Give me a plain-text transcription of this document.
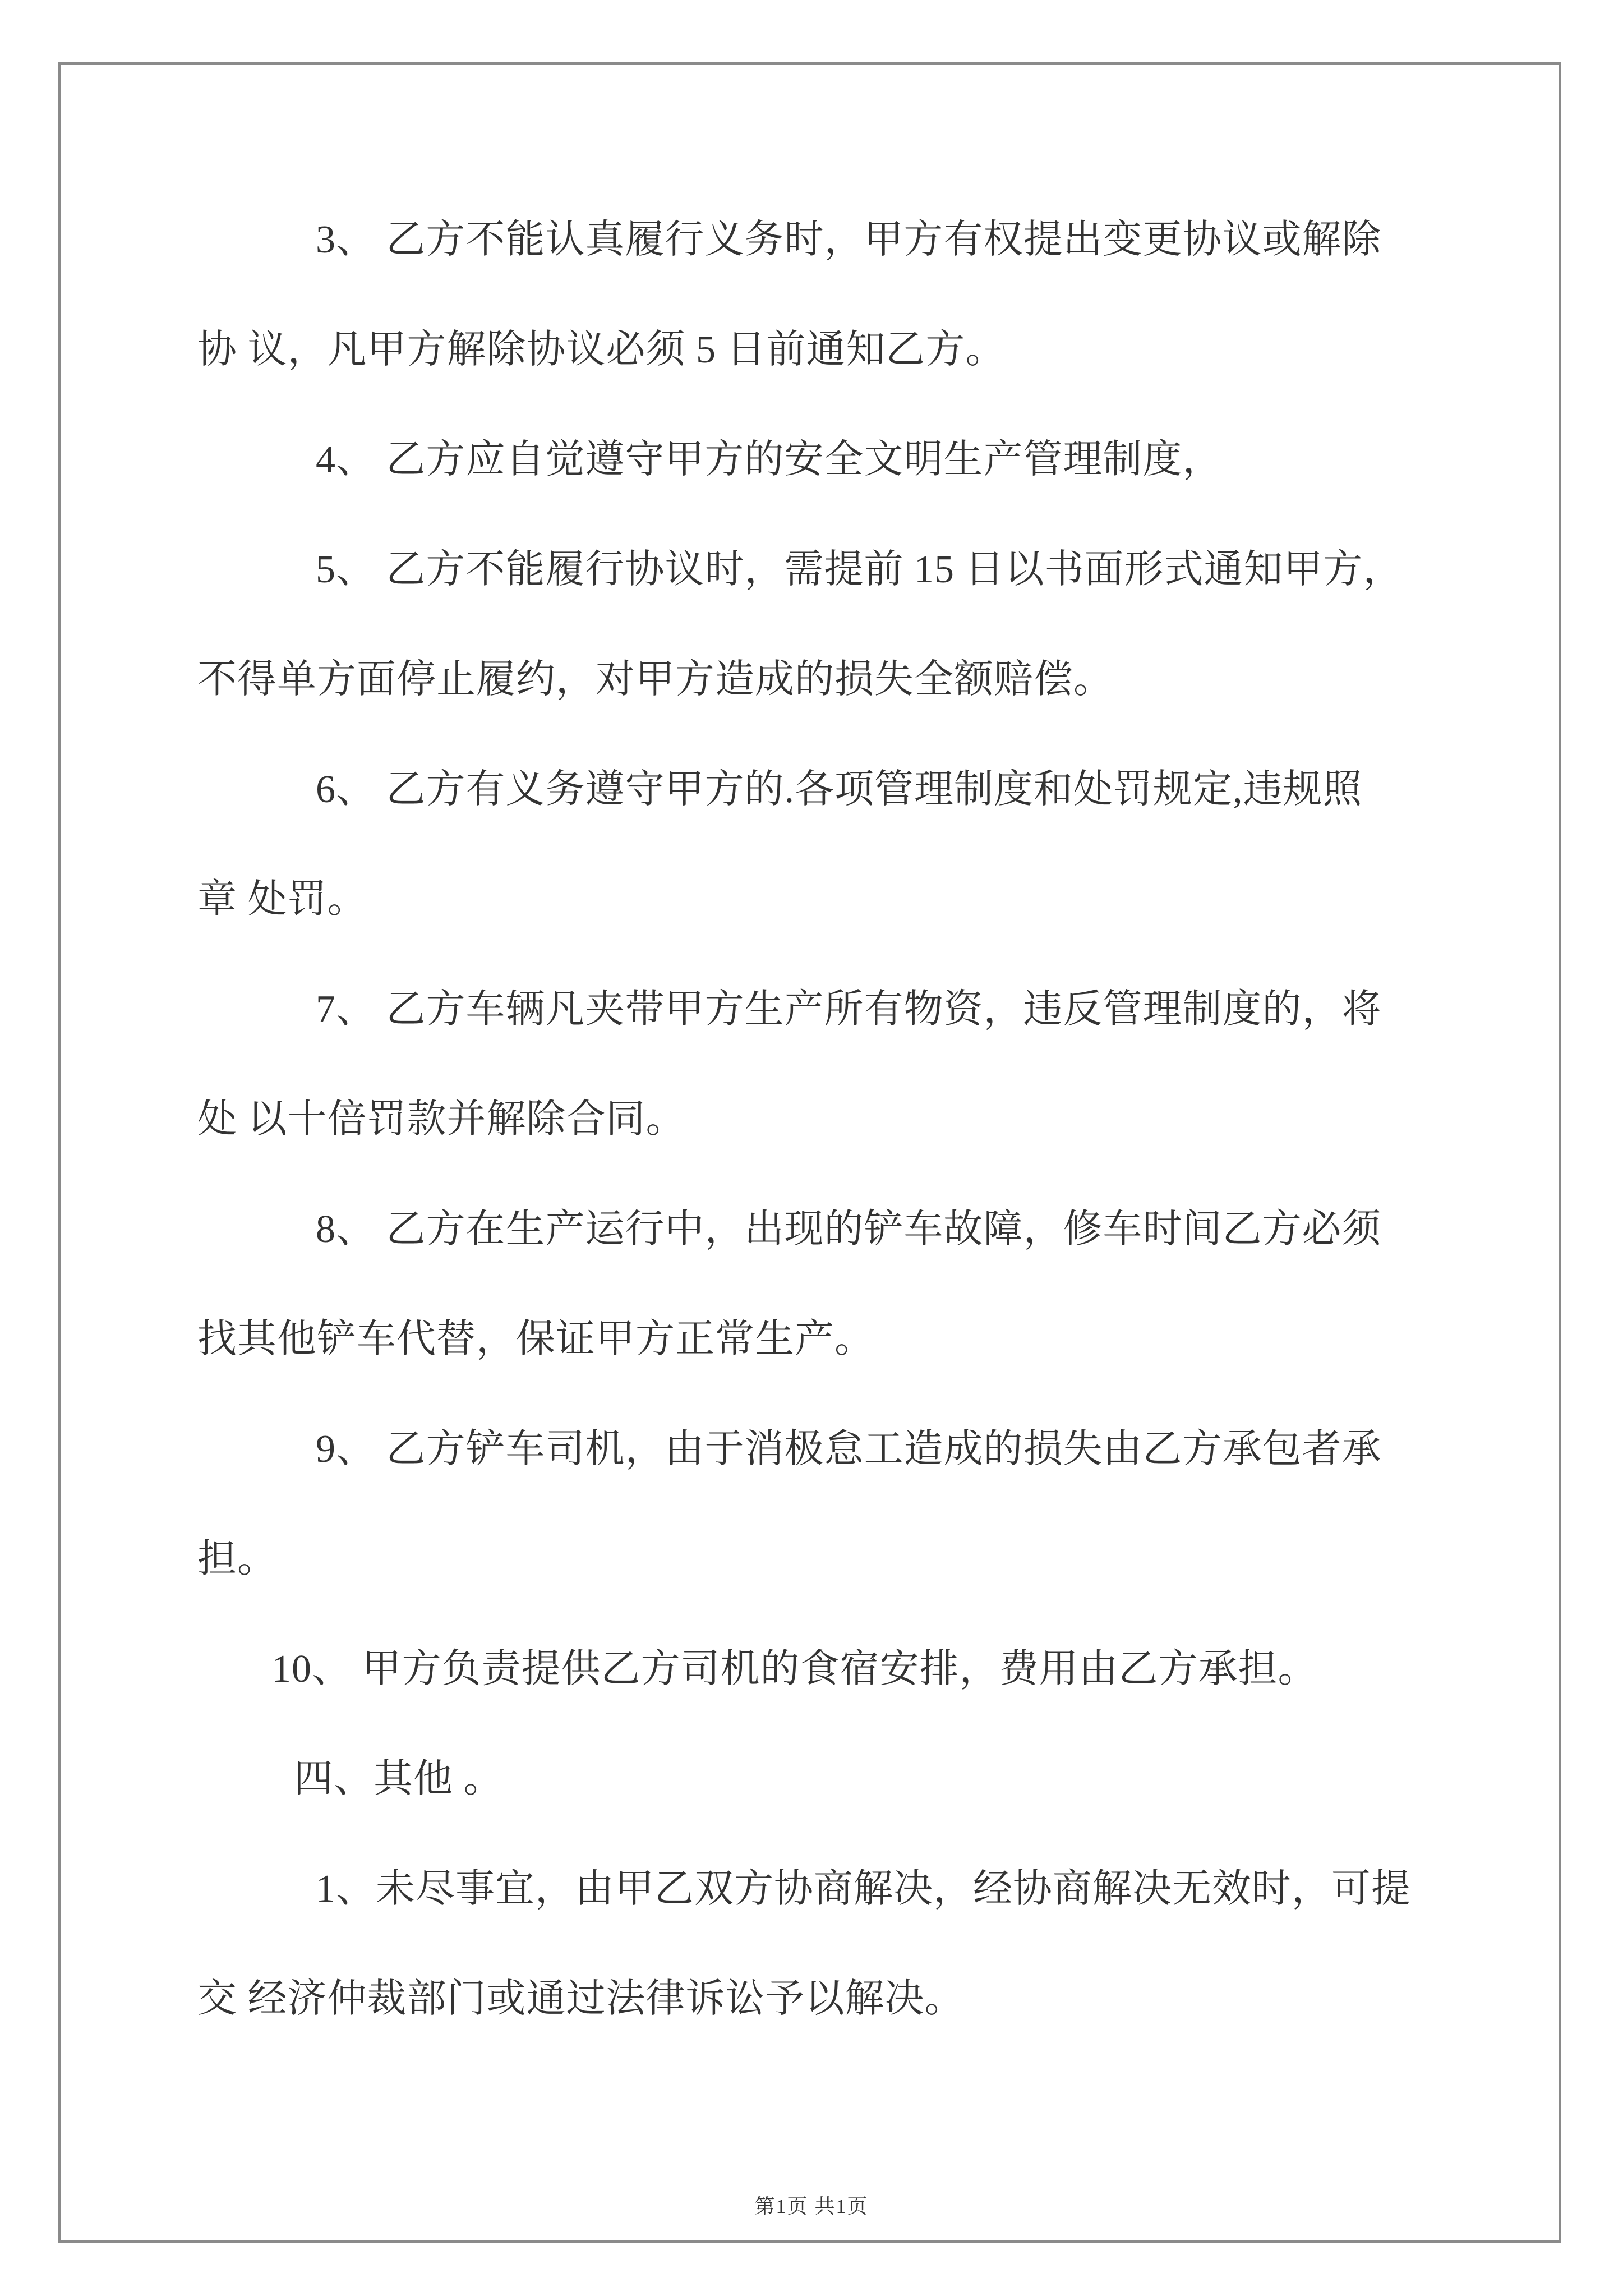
3、 乙方不能认真履行义务时，甲方有权提出变更协议或解除
协 议，凡甲方解除协议必须 5 日前通知乙方。
4、 乙方应自觉遵守甲方的安全文明生产管理制度，
5、 乙方不能履行协议时，需提前 15 日以书面形式通知甲方，
不得单方面停止履约，对甲方造成的损失全额赔偿。
6、 乙方有义务遵守甲方的.各项管理制度和处罚规定,违规照
章 处罚。
7、 乙方车辆凡夹带甲方生产所有物资，违反管理制度的，将
处 以十倍罚款并解除合同。
8、 乙方在生产运行中，出现的铲车故障，修车时间乙方必须
找其他铲车代替，保证甲方正常生产。
9、 乙方铲车司机，由于消极怠工造成的损失由乙方承包者承
担。
10、 甲方负责提供乙方司机的食宿安排，费用由乙方承担。
四、其他 。
1、未尽事宜，由甲乙双方协商解决，经协商解决无效时，可提
交 经济仲裁部门或通过法律诉讼予以解决。
第1页 共1页
